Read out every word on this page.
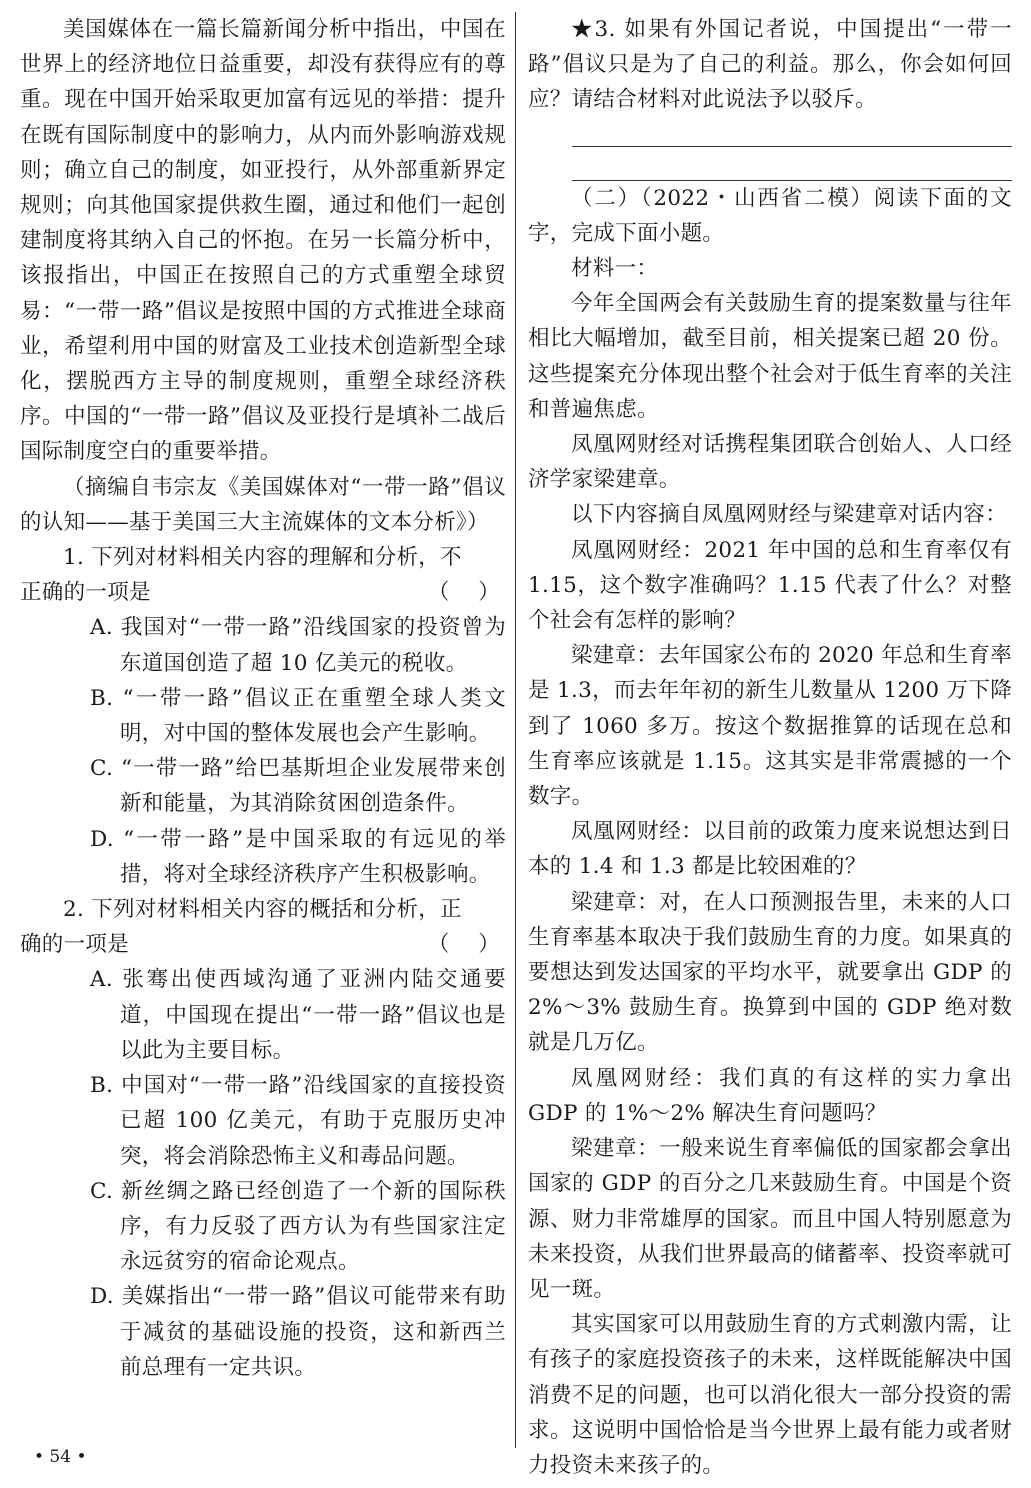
美国媒体在一篇长篇新闻分析中指出，中国在世界上的经济地位日益重要，却没有获得应有的尊重。现在中国开始采取更加富有远见的举措：提升在既有国际制度中的影响力，从内而外影响游戏规则；确立自己的制度，如亚投行，从外部重新界定规则；向其他国家提供救生圈，通过和他们一起创建制度将其纳入自己的怀抱。在另一长篇分析中，该报指出，中国正在按照自己的方式重塑全球贸易：“一带一路”倡议是按照中国的方式推进全球商业，希望利用中国的财富及工业技术创造新型全球化，摆脱西方主导的制度规则，重塑全球经济秩序。中国的“一带一路”倡议及亚投行是填补二战后国际制度空白的重要举措。

（摘编自韦宗友《美国媒体对“一带一路”倡议的认知——基于美国三大主流媒体的文本分析》）

1. 下列对材料相关内容的理解和分析，不
正确的一项是	（    ）

A. 我国对“一带一路”沿线国家的投资曾为东道国创造了超 10 亿美元的税收。

B. “一带一路”倡议正在重塑全球人类文明，对中国的整体发展也会产生影响。

C. “一带一路”给巴基斯坦企业发展带来创新和能量，为其消除贫困创造条件。

D. “一带一路”是中国采取的有远见的举措，将对全球经济秩序产生积极影响。

2. 下列对材料相关内容的概括和分析，正
确的一项是	（    ）

A. 张骞出使西域沟通了亚洲内陆交通要道，中国现在提出“一带一路”倡议也是以此为主要目标。

B. 中国对“一带一路”沿线国家的直接投资已超 100 亿美元，有助于克服历史冲突，将会消除恐怖主义和毒品问题。

C. 新丝绸之路已经创造了一个新的国际秩序，有力反驳了西方认为有些国家注定永远贫穷的宿命论观点。

D. 美媒指出“一带一路”倡议可能带来有助于减贫的基础设施的投资，这和新西兰前总理有一定共识。

★3. 如果有外国记者说，中国提出“一带一路”倡议只是为了自己的利益。那么，你会如何回应？请结合材料对此说法予以驳斥。

（二）（2022・山西省二模）阅读下面的文字，完成下面小题。

材料一：

今年全国两会有关鼓励生育的提案数量与往年相比大幅增加，截至目前，相关提案已超 20 份。这些提案充分体现出整个社会对于低生育率的关注和普遍焦虑。

凤凰网财经对话携程集团联合创始人、人口经济学家梁建章。

以下内容摘自凤凰网财经与梁建章对话内容：

凤凰网财经：2021 年中国的总和生育率仅有 1.15，这个数字准确吗？1.15 代表了什么？对整个社会有怎样的影响？

梁建章：去年国家公布的 2020 年总和生育率是 1.3，而去年年初的新生儿数量从 1200 万下降到了 1060 多万。按这个数据推算的话现在总和生育率应该就是 1.15。这其实是非常震撼的一个数字。

凤凰网财经：以目前的政策力度来说想达到日本的 1.4 和 1.3 都是比较困难的？

梁建章：对，在人口预测报告里，未来的人口生育率基本取决于我们鼓励生育的力度。如果真的要想达到发达国家的平均水平，就要拿出 GDP 的 2%～3% 鼓励生育。换算到中国的 GDP 绝对数就是几万亿。

凤凰网财经：我们真的有这样的实力拿出 GDP 的 1%～2% 解决生育问题吗？

梁建章：一般来说生育率偏低的国家都会拿出国家的 GDP 的百分之几来鼓励生育。中国是个资源、财力非常雄厚的国家。而且中国人特别愿意为未来投资，从我们世界最高的储蓄率、投资率就可见一斑。

其实国家可以用鼓励生育的方式刺激内需，让有孩子的家庭投资孩子的未来，这样既能解决中国消费不足的问题，也可以消化很大一部分投资的需求。这说明中国恰恰是当今世界上最有能力或者财力投资未来孩子的。

• 54 •
